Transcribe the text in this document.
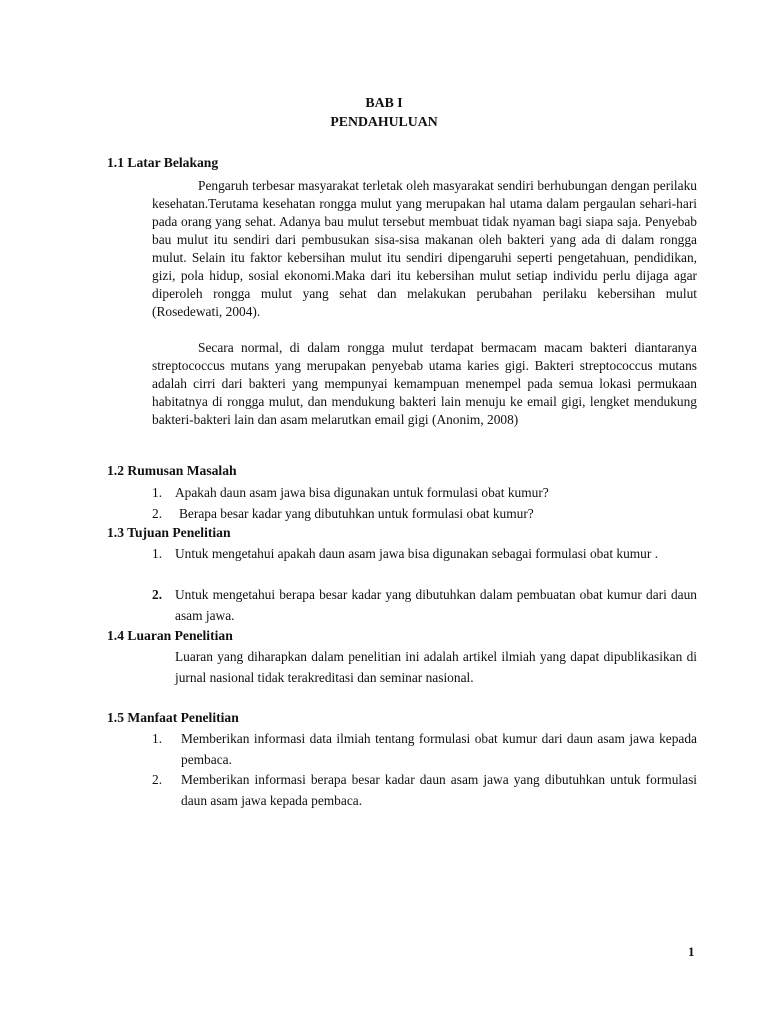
BAB I
PENDAHULUAN
1.1 Latar Belakang
Pengaruh terbesar masyarakat terletak oleh masyarakat sendiri berhubungan dengan perilaku kesehatan.Terutama kesehatan rongga mulut yang merupakan hal utama dalam pergaulan sehari-hari pada orang yang sehat. Adanya bau mulut tersebut membuat tidak nyaman bagi siapa saja. Penyebab bau mulut itu sendiri dari pembusukan sisa-sisa makanan oleh bakteri yang ada di dalam rongga mulut. Selain itu faktor kebersihan mulut itu sendiri dipengaruhi seperti pengetahuan, pendidikan, gizi, pola hidup, sosial ekonomi.Maka dari itu kebersihan mulut setiap individu perlu dijaga agar diperoleh rongga mulut yang sehat dan melakukan perubahan perilaku kebersihan mulut (Rosedewati, 2004).
Secara normal, di dalam rongga mulut terdapat bermacam macam bakteri diantaranya streptococcus mutans yang merupakan penyebab utama karies gigi. Bakteri streptococcus mutans adalah cirri dari bakteri yang mempunyai kemampuan menempel pada semua lokasi permukaan habitatnya di rongga mulut, dan mendukung bakteri lain menuju ke email gigi, lengket mendukung bakteri-bakteri lain dan asam melarutkan email gigi (Anonim, 2008)
1.2 Rumusan Masalah
1. Apakah daun asam jawa bisa digunakan untuk formulasi obat kumur?
2. Berapa besar kadar yang dibutuhkan untuk formulasi obat kumur?
1.3 Tujuan Penelitian
1. Untuk mengetahui apakah daun asam jawa bisa digunakan sebagai formulasi obat kumur .
2. Untuk mengetahui berapa besar kadar yang dibutuhkan dalam pembuatan obat kumur dari daun asam jawa.
1.4 Luaran Penelitian
Luaran yang diharapkan dalam penelitian ini adalah artikel ilmiah yang dapat dipublikasikan di jurnal nasional tidak terakreditasi dan seminar nasional.
1.5 Manfaat Penelitian
1. Memberikan informasi data ilmiah tentang formulasi obat kumur dari daun asam jawa kepada pembaca.
2. Memberikan informasi berapa besar kadar daun asam jawa yang dibutuhkan untuk formulasi daun asam jawa kepada pembaca.
1
